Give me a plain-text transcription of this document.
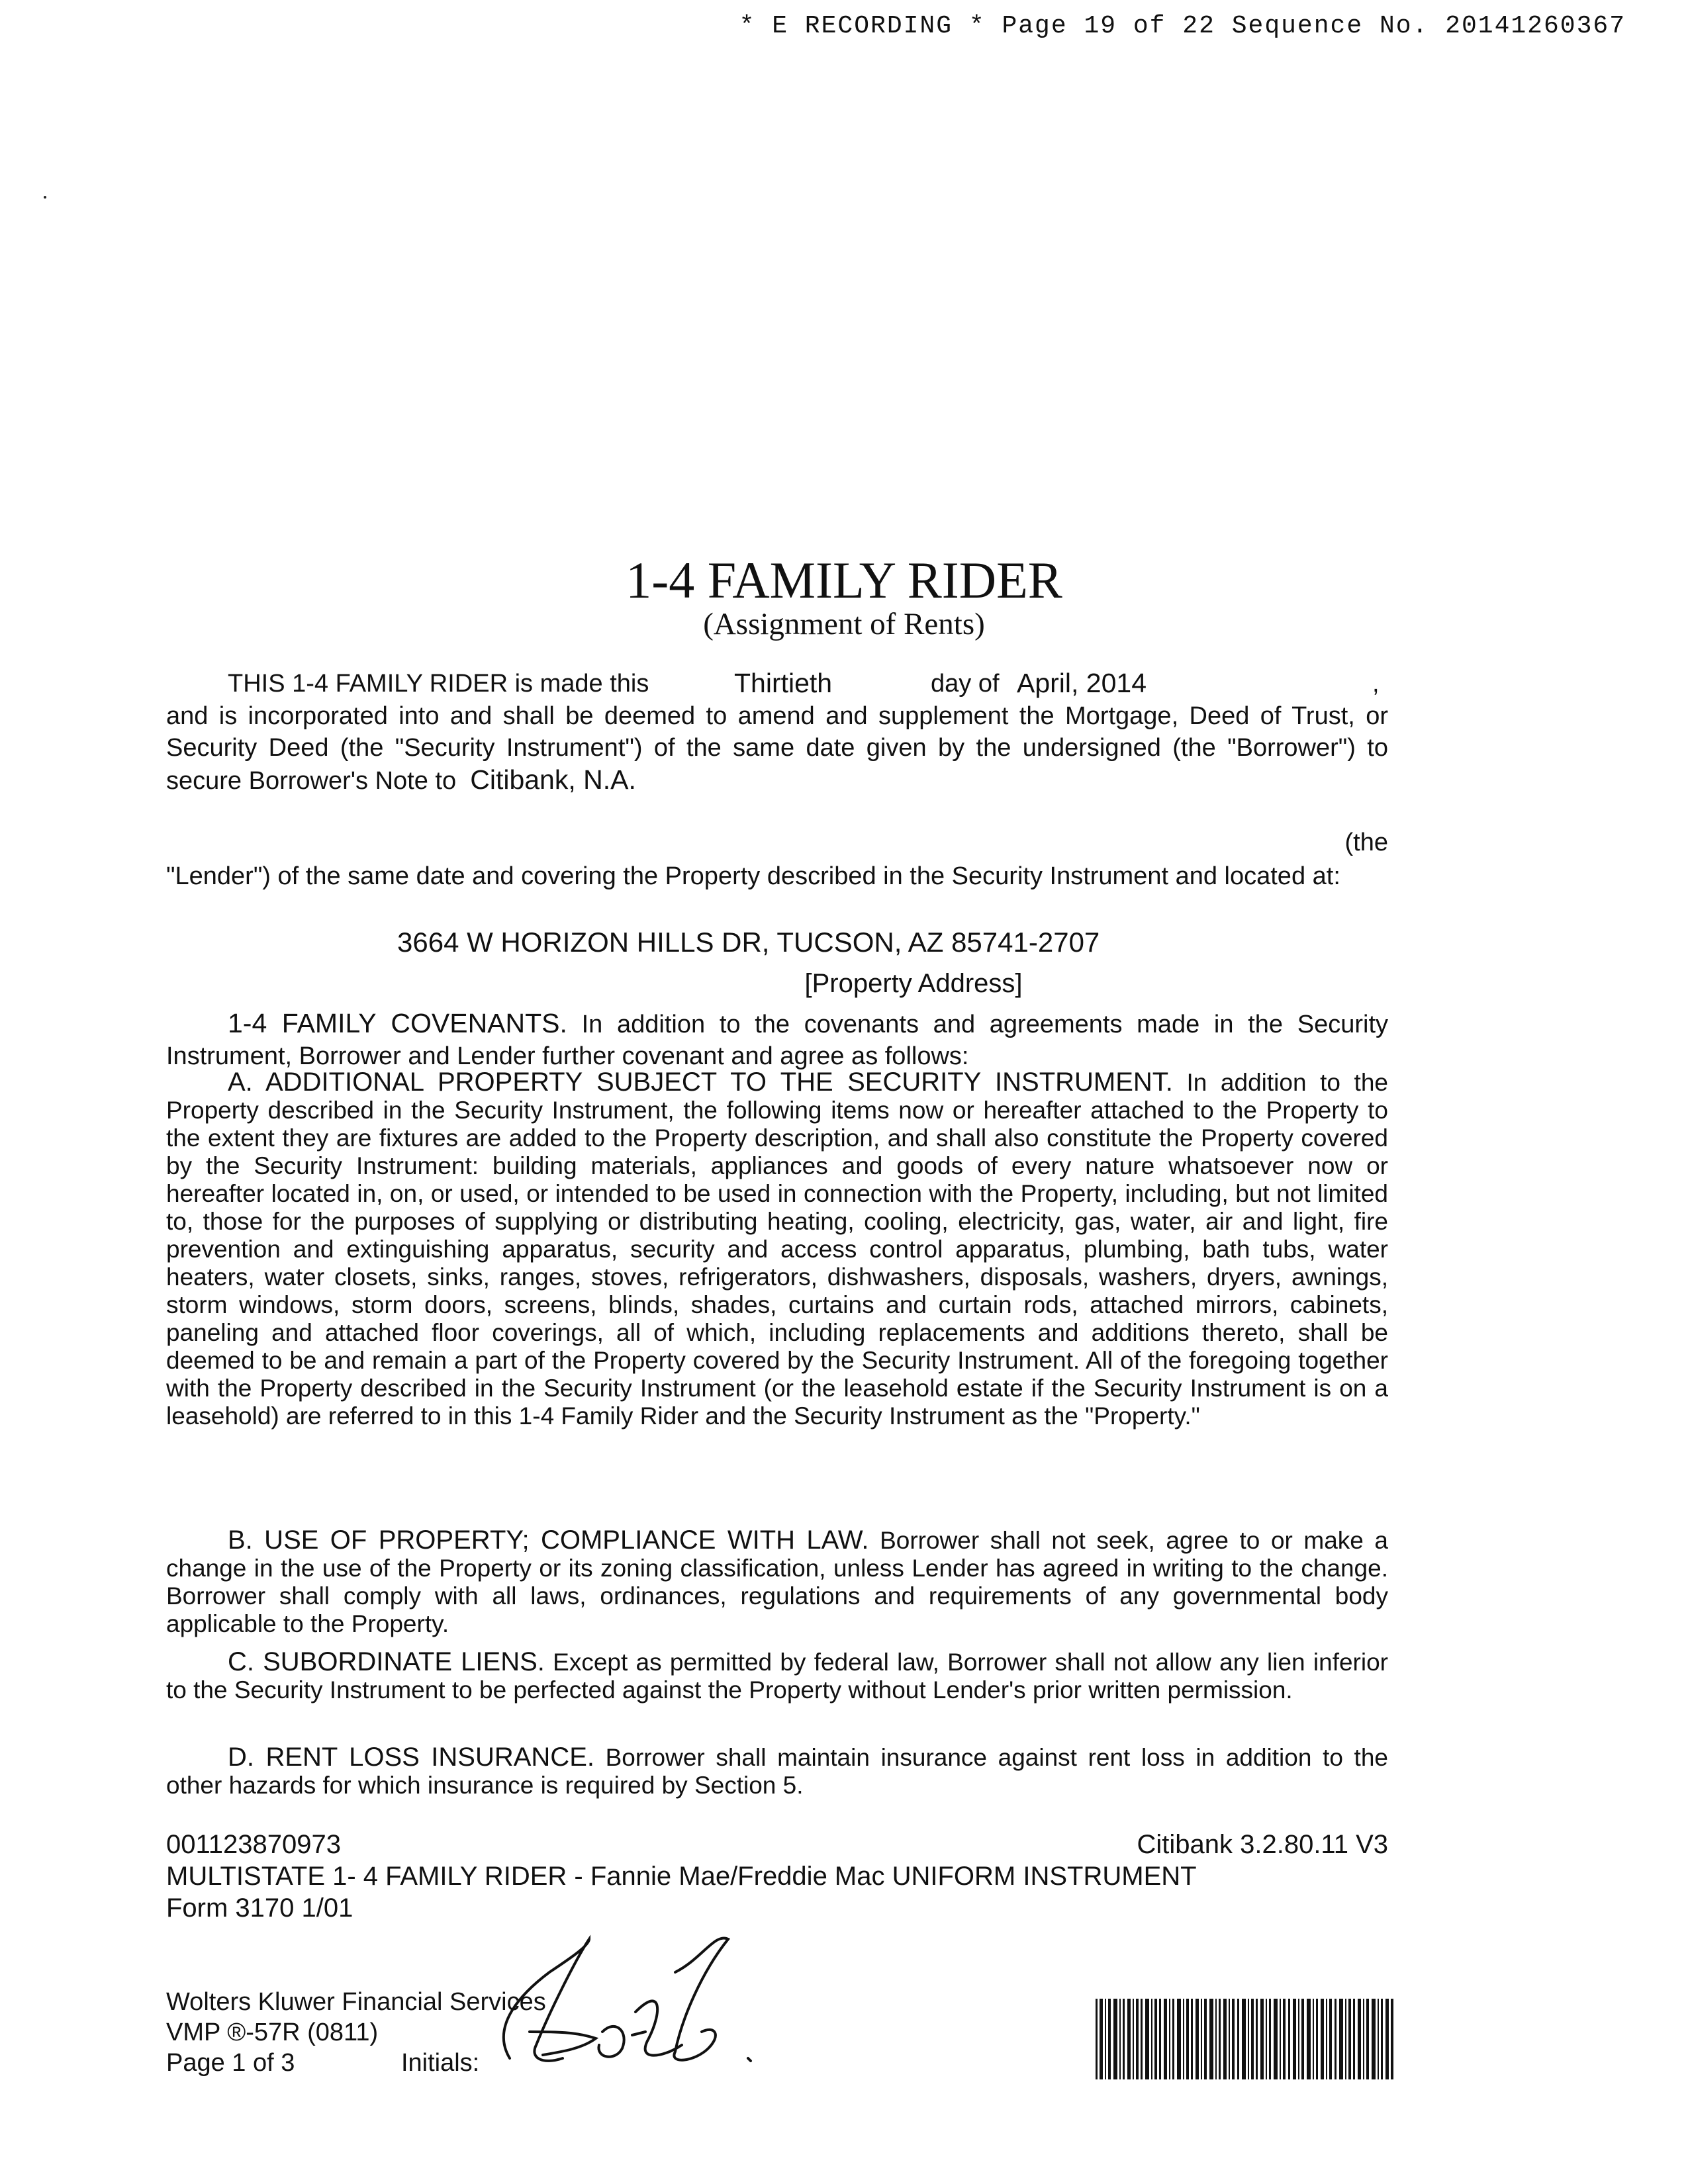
* E RECORDING * Page 19 of 22 Sequence No. 20141260367
1-4 FAMILY RIDER
(Assignment of Rents)
THIS 1-4 FAMILY RIDER is made this	Thirtieth	day of April, 2014	,
and is incorporated into and shall be deemed to amend and supplement the Mortgage, Deed of Trust, or Security Deed (the "Security Instrument") of the same date given by the undersigned (the "Borrower") to secure Borrower's Note to Citibank, N.A.
(the
"Lender") of the same date and covering the Property described in the Security Instrument and located at:
3664 W HORIZON HILLS DR, TUCSON, AZ 85741-2707
[Property Address]
1-4 FAMILY COVENANTS. In addition to the covenants and agreements made in the Security Instrument, Borrower and Lender further covenant and agree as follows:
A. ADDITIONAL PROPERTY SUBJECT TO THE SECURITY INSTRUMENT. In addition to the Property described in the Security Instrument, the following items now or hereafter attached to the Property to the extent they are fixtures are added to the Property description, and shall also constitute the Property covered by the Security Instrument: building materials, appliances and goods of every nature whatsoever now or hereafter located in, on, or used, or intended to be used in connection with the Property, including, but not limited to, those for the purposes of supplying or distributing heating, cooling, electricity, gas, water, air and light, fire prevention and extinguishing apparatus, security and access control apparatus, plumbing, bath tubs, water heaters, water closets, sinks, ranges, stoves, refrigerators, dishwashers, disposals, washers, dryers, awnings, storm windows, storm doors, screens, blinds, shades, curtains and curtain rods, attached mirrors, cabinets, paneling and attached floor coverings, all of which, including replacements and additions thereto, shall be deemed to be and remain a part of the Property covered by the Security Instrument. All of the foregoing together with the Property described in the Security Instrument (or the leasehold estate if the Security Instrument is on a leasehold) are referred to in this 1-4 Family Rider and the Security Instrument as the "Property."
B. USE OF PROPERTY; COMPLIANCE WITH LAW. Borrower shall not seek, agree to or make a change in the use of the Property or its zoning classification, unless Lender has agreed in writing to the change. Borrower shall comply with all laws, ordinances, regulations and requirements of any governmental body applicable to the Property.
C. SUBORDINATE LIENS. Except as permitted by federal law, Borrower shall not allow any lien inferior to the Security Instrument to be perfected against the Property without Lender's prior written permission.
D. RENT LOSS INSURANCE. Borrower shall maintain insurance against rent loss in addition to the other hazards for which insurance is required by Section 5.
001123870973	Citibank 3.2.80.11 V3
MULTISTATE 1- 4 FAMILY RIDER - Fannie Mae/Freddie Mac UNIFORM INSTRUMENT
Form 3170 1/01
Wolters Kluwer Financial Services
VMP ®-57R (0811)
Page 1 of 3	Initials:
